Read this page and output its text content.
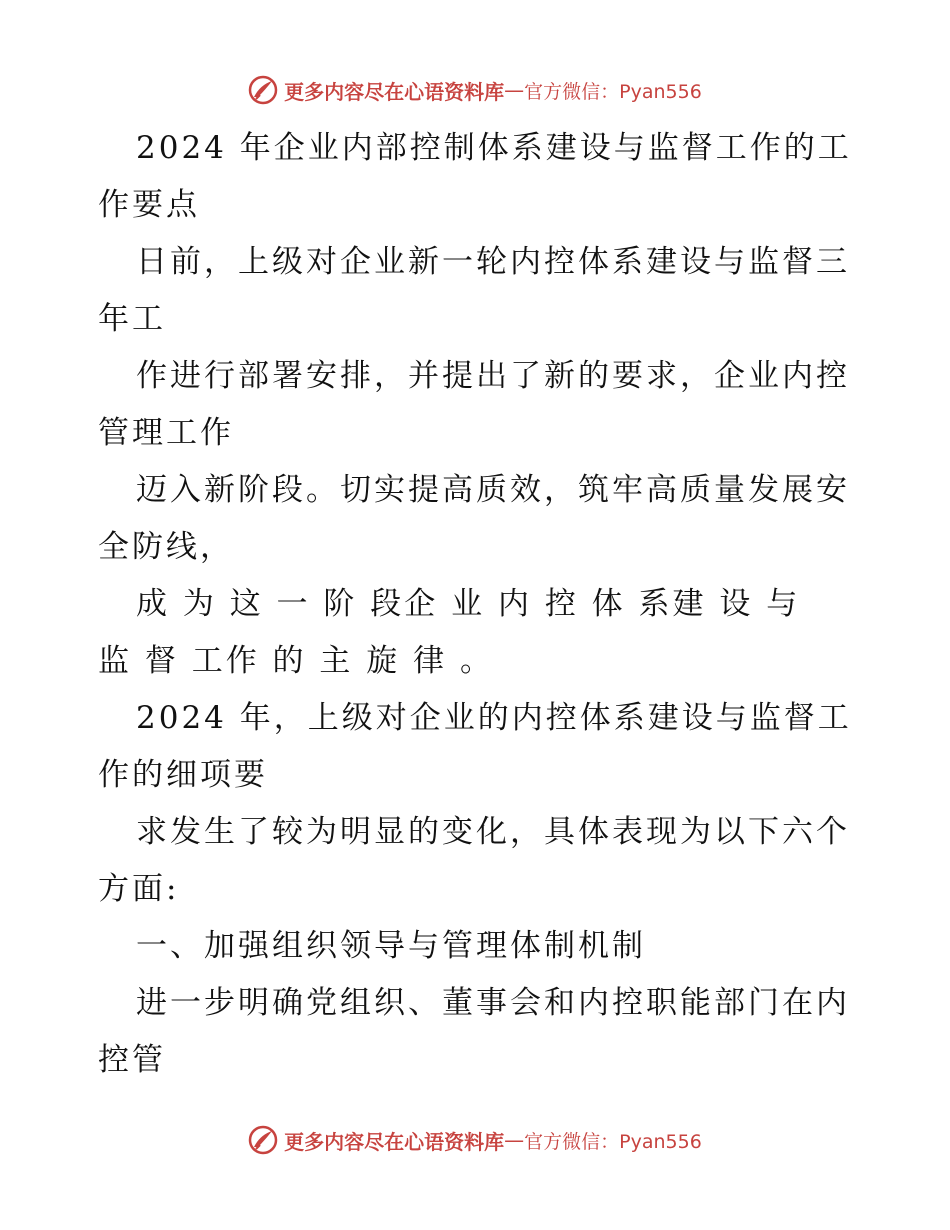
更多内容尽在心语资料库 — 官方微信：Pyan556
2024 年企业内部控制体系建设与监督工作的工
作要点
日前，上级对企业新一轮内控体系建设与监督三
年工
作进行部署安排，并提出了新的要求，企业内控
管理工作
迈入新阶段。切实提高质效，筑牢高质量发展安
全防线，
成 为 这 一 阶 段企 业 内 控 体 系建 设 与
监 督 工作 的 主 旋 律 。
2024 年，上级对企业的内控体系建设与监督工
作的细项要
求发生了较为明显的变化，具体表现为以下六个
方面:
一、加强组织领导与管理体制机制
进一步明确党组织、董事会和内控职能部门在内
控管
更多内容尽在心语资料库 — 官方微信：Pyan556
